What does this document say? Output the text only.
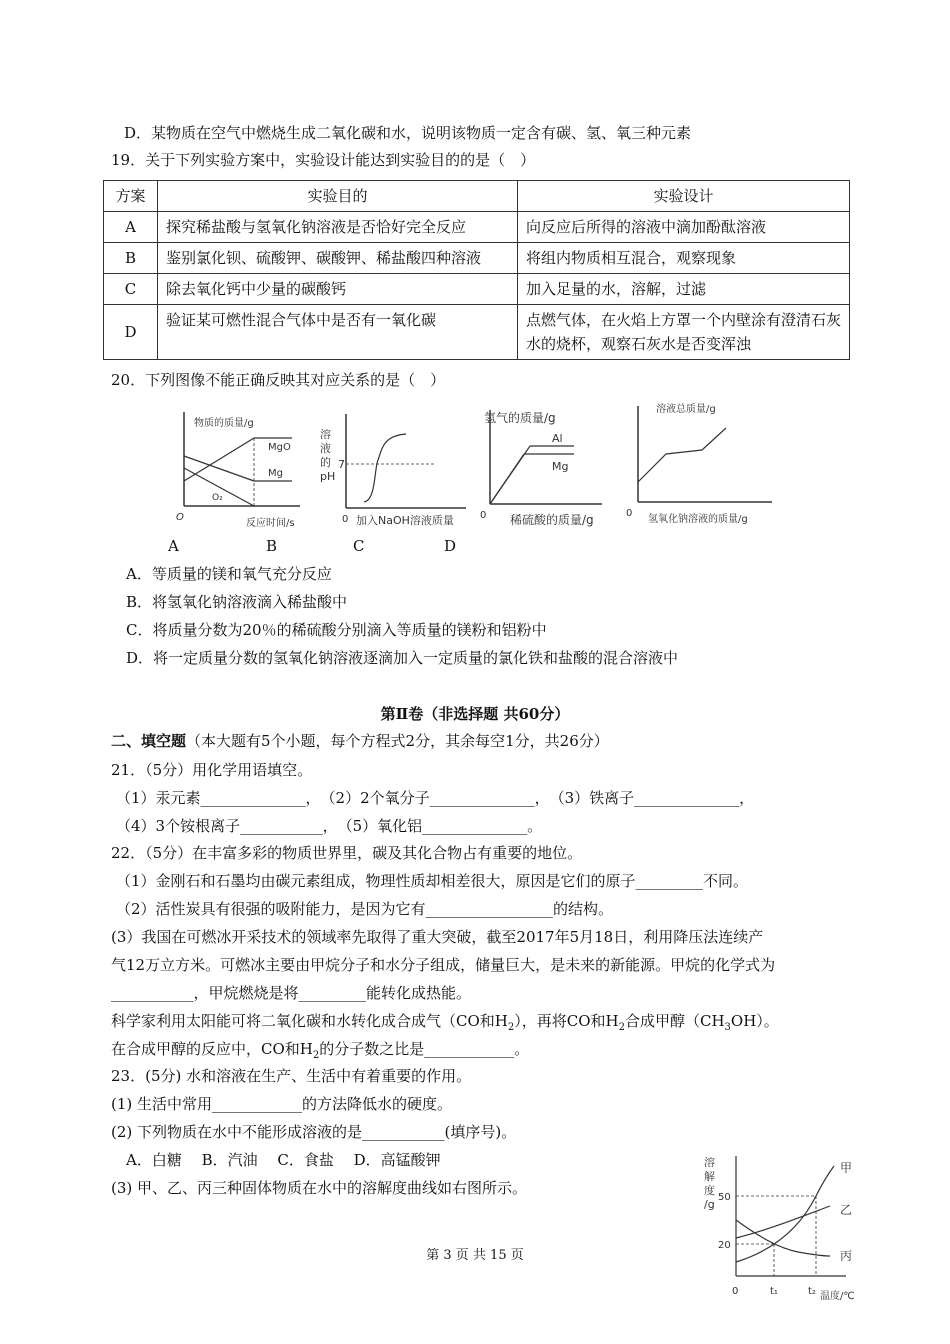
D．某物质在空气中燃烧生成二氧化碳和水，说明该物质一定含有碳、氢、氧三种元素
19．关于下列实验方案中，实验设计能达到实验目的的是（　）
方案	实验目的	实验设计
A	探究稀盐酸与氢氧化钠溶液是否恰好完全反应	向反应后所得的溶液中滴加酚酞溶液
B	鉴别氯化钡、硫酸钾、碳酸钾、稀盐酸四种溶液	将组内物质相互混合，观察现象
C	除去氧化钙中少量的碳酸钙	加入足量的水，溶解，过滤
D	验证某可燃性混合气体中是否有一氧化碳	点燃气体，在火焰上方罩一个内壁涂有澄清石灰水的烧杯，观察石灰水是否变浑浊
20．下列图像不能正确反映其对应关系的是（　）
物质的质量/g
MgO
Mg
O₂
O
反应时间/s
溶
液
的
pH
7
0 加入NaOH溶液质量
氢气的质量/g
Al
Mg
0 稀硫酸的质量/g
溶液总质量/g
0
氢氧化钠溶液的质量/g
A	B	C	D
A．等质量的镁和氧气充分反应
B．将氢氧化钠溶液滴入稀盐酸中
C．将质量分数为20％的稀硫酸分别滴入等质量的镁粉和铝粉中
D．将一定质量分数的氢氧化钠溶液逐滴加入一定质量的氯化铁和盐酸的混合溶液中
第Ⅱ卷（非选择题 共60分）
二、填空题（本大题有5个小题，每个方程式2分，其余每空1分，共26分）
21．（5分）用化学用语填空。
（1）汞元素______________，　（2）2个氧分子______________，　（3）铁离子______________，
（4）3个铵根离子___________，　（5）氧化铝______________。
22．（5分）在丰富多彩的物质世界里，碳及其化合物占有重要的地位。
（1）金刚石和石墨均由碳元素组成，物理性质却相差很大，原因是它们的原子_________不同。
（2）活性炭具有很强的吸附能力，是因为它有_________________的结构。
(3）我国在可燃冰开采技术的领域率先取得了重大突破，截至2017年5月18日，利用降压法连续产
气12万立方米。可燃冰主要由甲烷分子和水分子组成，储量巨大，是未来的新能源。甲烷的化学式为
___________，甲烷燃烧是将_________能转化成热能。
科学家利用太阳能可将二氧化碳和水转化成合成气（CO和$H_2$），再将CO和$H_2$合成甲醇$(CH_3OH)$。
在合成甲醇的反应中，CO和$H_2$的分子数之比是____________。
23．(5分) 水和溶液在生产、生活中有着重要的作用。
(1) 生活中常用____________的方法降低水的硬度。
(2) 下列物质在水中不能形成溶液的是___________(填序号)。
A．白糖　 B．汽油　 C．食盐　 D．高锰酸钾
(3) 甲、乙、丙三种固体物质在水中的溶解度曲线如右图所示。
溶
解
度
/g
50
20
甲
乙
丙
0	t₁	t₂ 温度/℃
第 3 页 共 15 页
